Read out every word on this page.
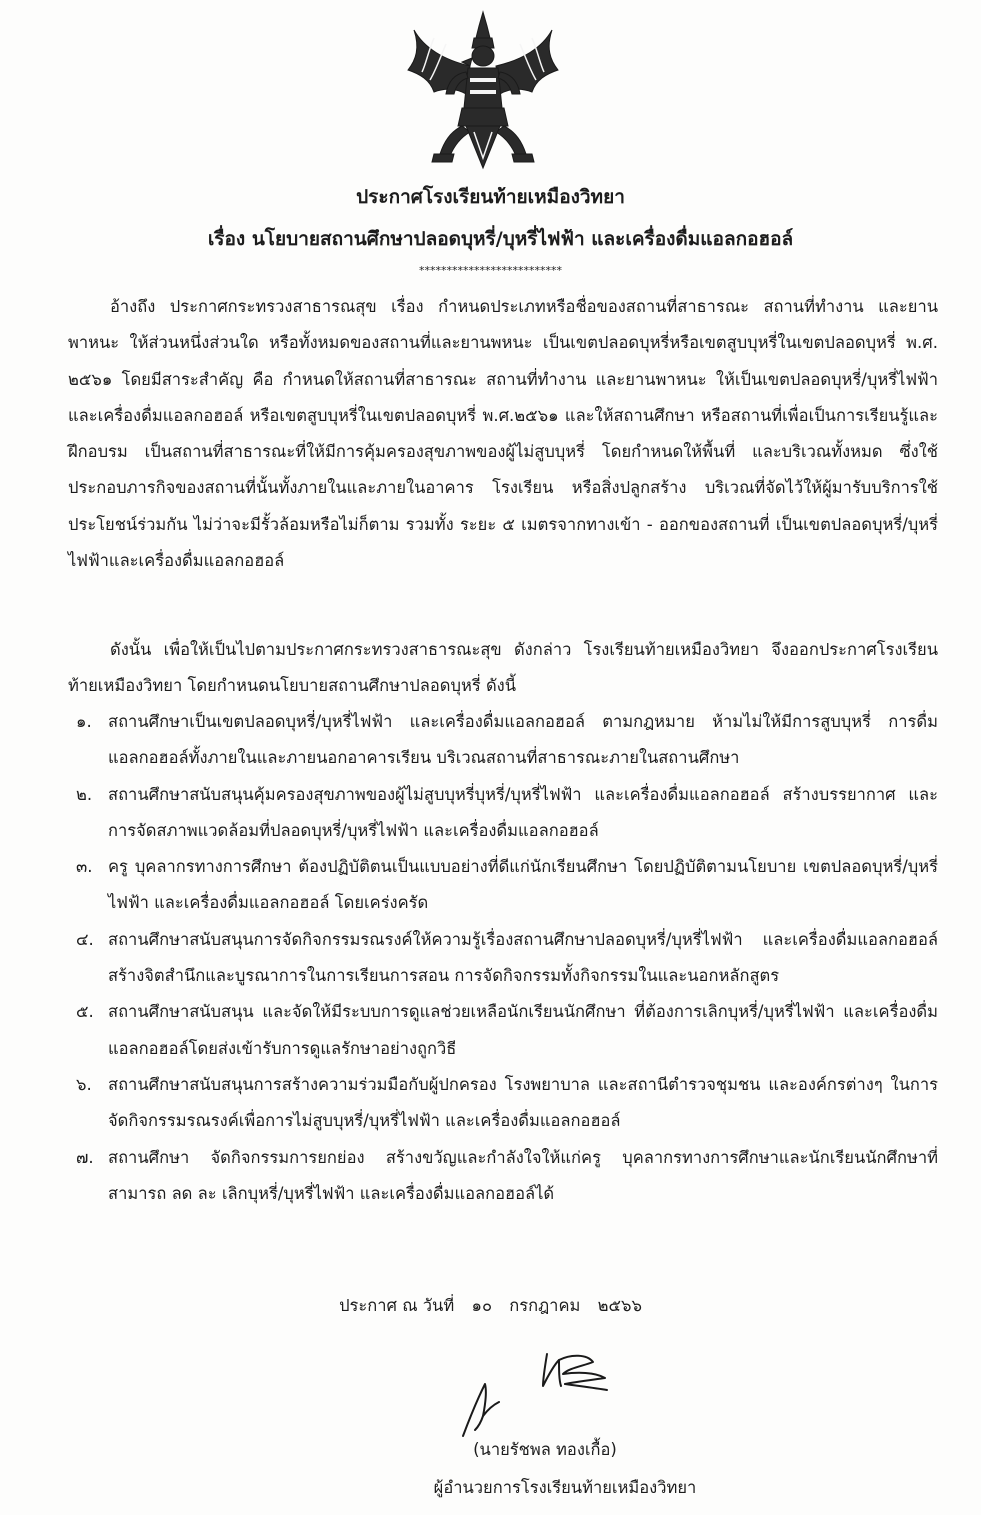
ประกาศโรงเรียนท้ายเหมืองวิทยา
เรื่อง นโยบายสถานศึกษาปลอดบุหรี่/บุหรี่ไฟฟ้า และเครื่องดื่มแอลกอฮอล์
**************************
อ้างถึง ประกาศกระทรวงสาธารณสุข เรื่อง กำหนดประเภทหรือชื่อของสถานที่สาธารณะ สถานที่ทำงาน และยานพาหนะ ให้ส่วนหนึ่งส่วนใด หรือทั้งหมดของสถานที่และยานพหนะ เป็นเขตปลอดบุหรี่หรือเขตสูบบุหรี่ในเขตปลอดบุหรี่ พ.ศ. ๒๕๖๑ โดยมีสาระสำคัญ คือ กำหนดให้สถานที่สาธารณะ สถานที่ทำงาน และยานพาหนะ ให้เป็นเขตปลอดบุหรี่/บุหรี่ไฟฟ้า และเครื่องดื่มแอลกอฮอล์ หรือเขตสูบบุหรี่ในเขตปลอดบุหรี่ พ.ศ.๒๕๖๑ และให้สถานศึกษา หรือสถานที่เพื่อเป็นการเรียนรู้และฝึกอบรม เป็นสถานที่สาธารณะที่ให้มีการคุ้มครองสุขภาพของผู้ไม่สูบบุหรี่ โดยกำหนดให้พื้นที่ และบริเวณทั้งหมด ซึ่งใช้ประกอบภารกิจของสถานที่นั้นทั้งภายในและภายในอาคาร โรงเรียน หรือสิ่งปลูกสร้าง บริเวณที่จัดไว้ให้ผู้มารับบริการใช้ประโยชน์ร่วมกัน ไม่ว่าจะมีรั้วล้อมหรือไม่ก็ตาม รวมทั้ง ระยะ ๕ เมตรจากทางเข้า - ออกของสถานที่ เป็นเขตปลอดบุหรี่/บุหรี่ไฟฟ้าและเครื่องดื่มแอลกอฮอล์
ดังนั้น เพื่อให้เป็นไปตามประกาศกระทรวงสาธารณะสุข ดังกล่าว โรงเรียนท้ายเหมืองวิทยา จึงออกประกาศโรงเรียนท้ายเหมืองวิทยา โดยกำหนดนโยบายสถานศึกษาปลอดบุหรี่ ดังนี้
๑. สถานศึกษาเป็นเขตปลอดบุหรี่/บุหรี่ไฟฟ้า และเครื่องดื่มแอลกอฮอล์ ตามกฎหมาย ห้ามไม่ให้มีการสูบบุหรี่ การดื่มแอลกอฮอล์ทั้งภายในและภายนอกอาคารเรียน บริเวณสถานที่สาธารณะภายในสถานศึกษา
๒. สถานศึกษาสนับสนุนคุ้มครองสุขภาพของผู้ไม่สูบบุหรี่บุหรี่/บุหรี่ไฟฟ้า และเครื่องดื่มแอลกอฮอล์ สร้างบรรยากาศ และการจัดสภาพแวดล้อมที่ปลอดบุหรี่/บุหรี่ไฟฟ้า และเครื่องดื่มแอลกอฮอล์
๓. ครู บุคลากรทางการศึกษา ต้องปฏิบัติตนเป็นแบบอย่างที่ดีแก่นักเรียนศึกษา โดยปฏิบัติตามนโยบาย เขตปลอดบุหรี่/บุหรี่ไฟฟ้า และเครื่องดื่มแอลกอฮอล์ โดยเคร่งครัด
๔. สถานศึกษาสนับสนุนการจัดกิจกรรมรณรงค์ให้ความรู้เรื่องสถานศึกษาปลอดบุหรี่/บุหรี่ไฟฟ้า และเครื่องดื่มแอลกอฮอล์สร้างจิตสำนึกและบูรณาการในการเรียนการสอน การจัดกิจกรรมทั้งกิจกรรมในและนอกหลักสูตร
๕. สถานศึกษาสนับสนุน และจัดให้มีระบบการดูแลช่วยเหลือนักเรียนนักศึกษา ที่ต้องการเลิกบุหรี่/บุหรี่ไฟฟ้า และเครื่องดื่มแอลกอฮอล์โดยส่งเข้ารับการดูแลรักษาอย่างถูกวิธี
๖. สถานศึกษาสนับสนุนการสร้างความร่วมมือกับผู้ปกครอง โรงพยาบาล และสถานีตำรวจชุมชน และองค์กรต่างๆ ในการจัดกิจกรรมรณรงค์เพื่อการไม่สูบบุหรี่/บุหรี่ไฟฟ้า และเครื่องดื่มแอลกอฮอล์
๗. สถานศึกษา จัดกิจกรรมการยกย่อง สร้างขวัญและกำลังใจให้แก่ครู บุคลากรทางการศึกษาและนักเรียนนักศึกษาที่สามารถ ลด ละ เลิกบุหรี่/บุหรี่ไฟฟ้า และเครื่องดื่มแอลกอฮอล์ได้
ประกาศ ณ วันที่ ๑๐ กรกฎาคม ๒๕๖๖
(นายรัชพล ทองเกื้อ)
ผู้อำนวยการโรงเรียนท้ายเหมืองวิทยา
